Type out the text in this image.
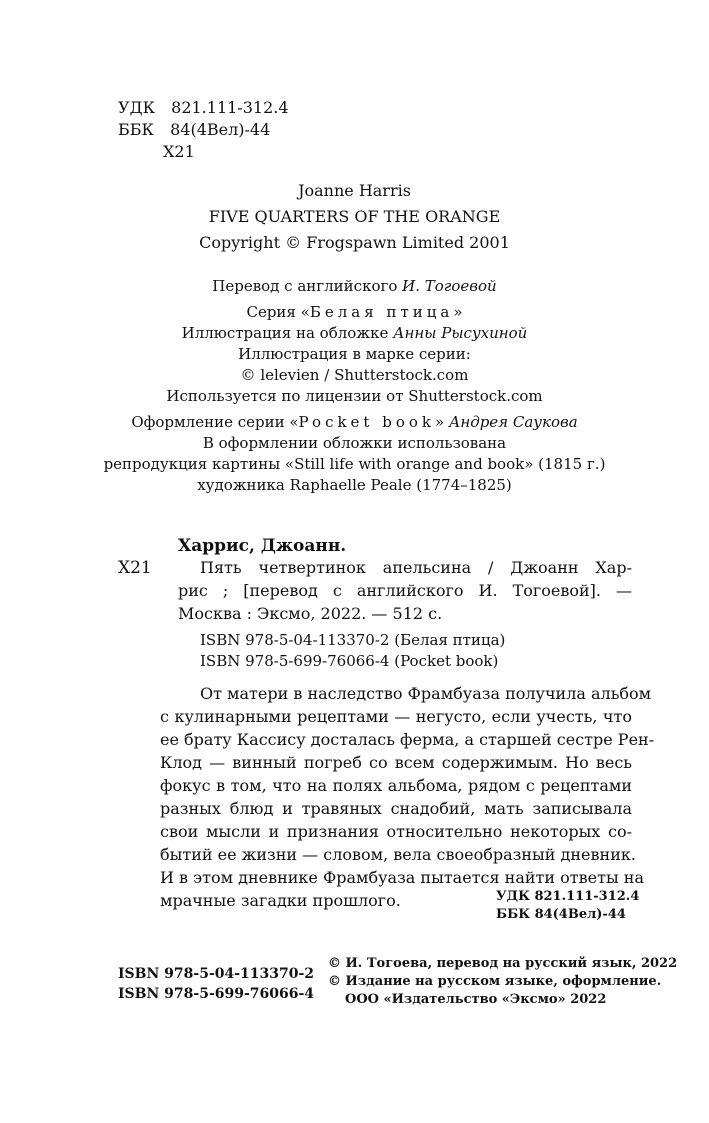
УДК 821.111-312.4
ББК 84(4Вел)-44
Х21
Joanne Harris
FIVE QUARTERS OF THE ORANGE
Copyright © Frogspawn Limited 2001
Перевод с английского И. Тогоевой
Серия «Белая птица»
Иллюстрация на обложке Анны Рысухиной
Иллюстрация в марке серии:
© lelevien / Shutterstock.com
Используется по лицензии от Shutterstock.com
Оформление серии «Pocket book» Андрея Саукова
В оформлении обложки использована
репродукция картины «Still life with orange and book» (1815 г.)
художника Raphaelle Peale (1774–1825)
Харрис, Джоанн.
Х21	Пять четвертинок апельсина / Джоанн Хар-
рис ; [перевод с английского И. Тогоевой]. —
Москва : Эксмо, 2022. — 512 с.
ISBN 978-5-04-113370-2 (Белая птица)
ISBN 978-5-699-76066-4 (Pocket book)
От матери в наследство Фрамбуаза получила альбом
с кулинарными рецептами — негусто, если учесть, что
ее брату Кассису досталась ферма, а старшей сестре Рен-
Клод — винный погреб со всем содержимым. Но весь
фокус в том, что на полях альбома, рядом с рецептами
разных блюд и травяных снадобий, мать записывала
свои мысли и признания относительно некоторых со-
бытий ее жизни — словом, вела своеобразный дневник.
И в этом дневнике Фрамбуаза пытается найти ответы на
мрачные загадки прошлого.	УДК 821.111-312.4
ББК 84(4Вел)-44
ISBN 978-5-04-113370-2
ISBN 978-5-699-76066-4
© И. Тогоева, перевод на русский язык, 2022
© Издание на русском языке, оформление.
ООО «Издательство «Эксмо» 2022
